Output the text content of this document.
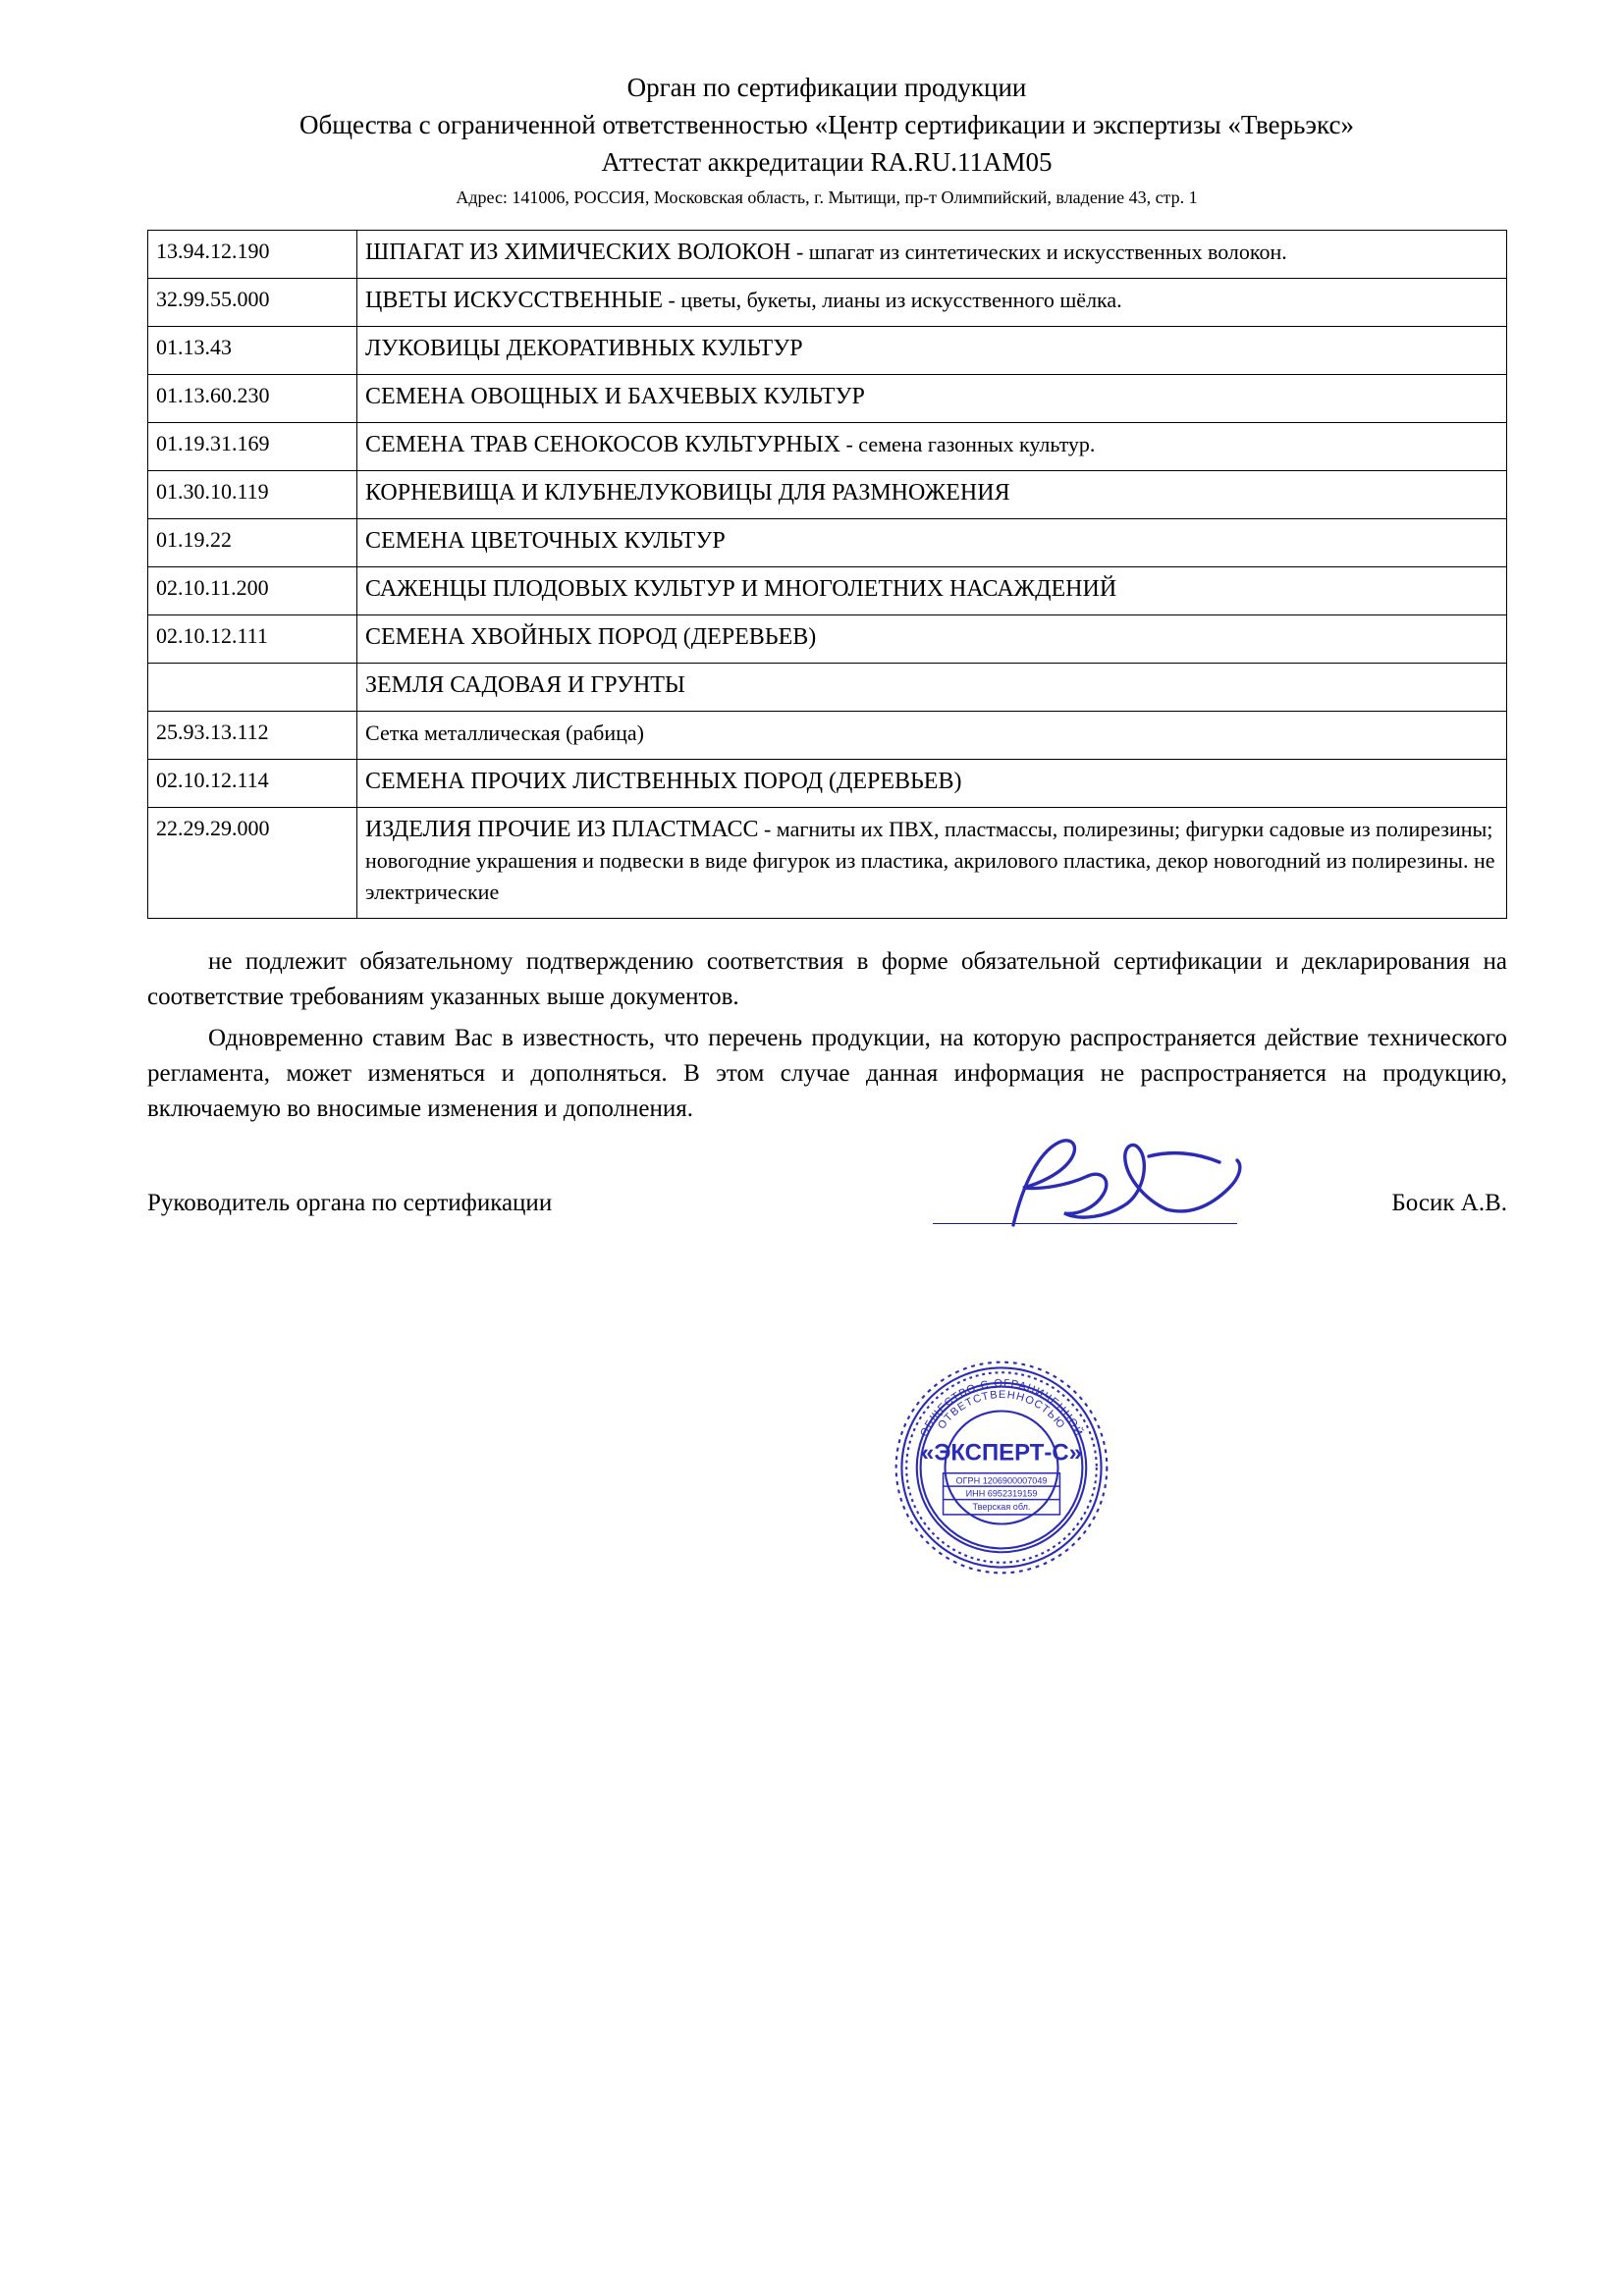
Орган по сертификации продукции
Общества с ограниченной ответственностью «Центр сертификации и экспертизы «Тверьэкс»
Аттестат аккредитации RA.RU.11AM05
Адрес: 141006, РОССИЯ, Московская область, г. Мытищи, пр-т Олимпийский, владение 43, стр. 1
13.94.12.190	ШПАГАТ ИЗ ХИМИЧЕСКИХ ВОЛОКОН - шпагат из синтетических и искусственных волокон.
32.99.55.000	ЦВЕТЫ ИСКУССТВЕННЫЕ - цветы, букеты, лианы из искусственного шёлка.
01.13.43	ЛУКОВИЦЫ ДЕКОРАТИВНЫХ КУЛЬТУР
01.13.60.230	СЕМЕНА ОВОЩНЫХ И БАХЧЕВЫХ КУЛЬТУР
01.19.31.169	СЕМЕНА ТРАВ СЕНОКОСОВ КУЛЬТУРНЫХ - семена газонных культур.
01.30.10.119	КОРНЕВИЩА И КЛУБНЕЛУКОВИЦЫ ДЛЯ РАЗМНОЖЕНИЯ
01.19.22	СЕМЕНА ЦВЕТОЧНЫХ КУЛЬТУР
02.10.11.200	САЖЕНЦЫ ПЛОДОВЫХ КУЛЬТУР И МНОГОЛЕТНИХ НАСАЖДЕНИЙ
02.10.12.111	СЕМЕНА ХВОЙНЫХ ПОРОД (ДЕРЕВЬЕВ)
	ЗЕМЛЯ САДОВАЯ И ГРУНТЫ
25.93.13.112	Сетка металлическая (рабица)
02.10.12.114	СЕМЕНА ПРОЧИХ ЛИСТВЕННЫХ ПОРОД (ДЕРЕВЬЕВ)
22.29.29.000	ИЗДЕЛИЯ ПРОЧИЕ ИЗ ПЛАСТМАСС - магниты их ПВХ, пластмассы, полирезины; фигурки садовые из полирезины; новогодние украшения и подвески в виде фигурок из пластика, акрилового пластика, декор новогодний из полирезины. не электрические
не подлежит обязательному подтверждению соответствия в форме обязательной сертификации и декларирования на соответствие требованиям указанных выше документов.
Одновременно ставим Вас в известность, что перечень продукции, на которую распространяется действие технического регламента, может изменяться и дополняться. В этом случае данная информация не распространяется на продукцию, включаемую во вносимые изменения и дополнения.
Руководитель органа по сертификации	Босик А.В.
ОБЩЕСТВО С ОГРАНИЧЕННОЙ
ОТВЕТСТВЕННОСТЬЮ
«ЭКСПЕРТ-С»
ОГРН 1206900007049
ИНН 6952319159
Тверская обл.
